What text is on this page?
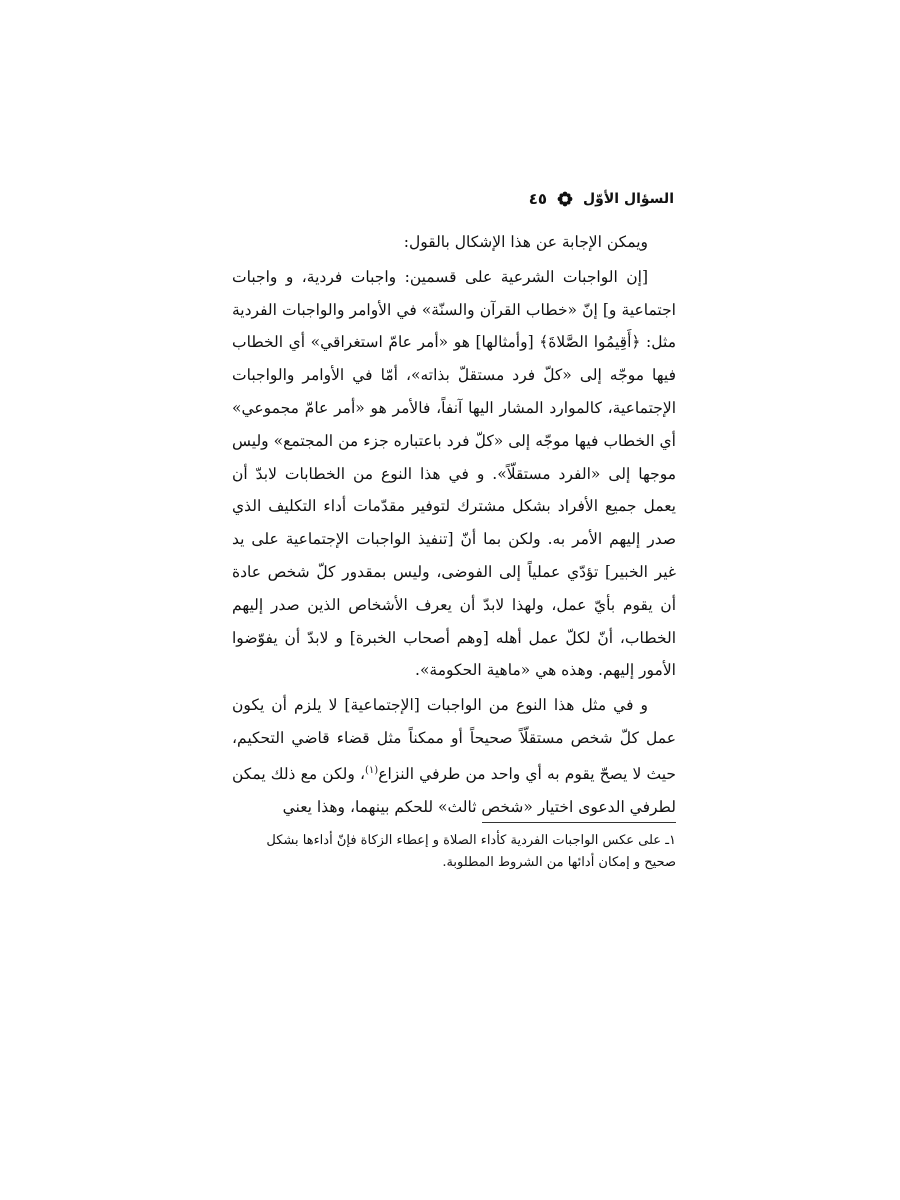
السؤال الأوّل
٤٥

ويمكن الإجابة عن هذا الإشكال بالقول:

[إن الواجبات الشرعية على قسمين: واجبات فردية، و واجبات اجتماعية و] إنّ «خطاب القرآن والسنّة» في الأوامر والواجبات الفردية مثل: ﴿أَقِيمُوا الصَّلاةَ﴾ [وأمثالها] هو «أمر عامّ استغراقي» أي الخطاب فيها موجّه إلى «كلّ فرد مستقلّ بذاته»، أمّا في الأوامر والواجبات الإجتماعية، كالموارد المشار اليها آنفاً، فالأمر هو «أمر عامّ مجموعي» أي الخطاب فيها موجّه إلى «كلّ فرد باعتباره جزء من المجتمع» وليس موجها إلى «الفرد مستقلّاً». و في هذا النوع من الخطابات لابدّ أن يعمل جميع الأفراد بشكل مشترك لتوفير مقدّمات أداء التكليف الذي صدر إليهم الأمر به. ولكن بما أنّ [تنفيذ الواجبات الإجتماعية على يد غير الخبير] تؤدّي عملياً إلى الفوضى، وليس بمقدور كلّ شخص عادة أن يقوم بأيّ عمل، ولهذا لابدّ أن يعرف الأشخاص الذين صدر إليهم الخطاب، أنّ لكلّ عمل أهله [وهم أصحاب الخبرة] و لابدّ أن يفوّضوا الأمور إليهم. وهذه هي «ماهية الحكومة».

و في مثل هذا النوع من الواجبات [الإجتماعية] لا يلزم أن يكون عمل كلّ شخص مستقلّاً صحيحاً أو ممكناً مثل قضاء قاضي التحكيم، حيث لا يصحّ يقوم به أي واحد من طرفي النزاع$^{(١)}$، ولكن مع ذلك يمكن لطرفي الدعوى اختيار «شخص ثالث» للحكم بينهما، وهذا يعني

١ـ على عكس الواجبات الفردية كأداء الصلاة و إعطاء الزكاة فإنّ أداءها بشكل صحيح و إمكان أدائها من الشروط المطلوبة.
